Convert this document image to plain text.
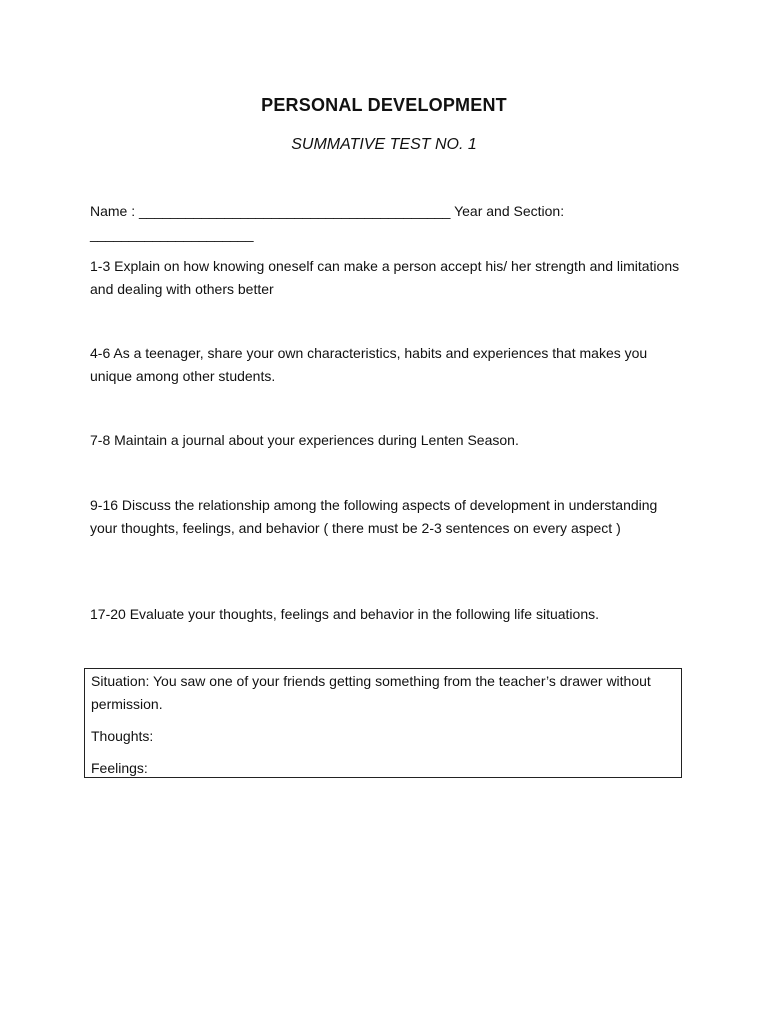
PERSONAL DEVELOPMENT
SUMMATIVE TEST NO. 1
Name : ________________________________________ Year and Section:
_____________________
1-3 Explain on how knowing oneself can make a person accept his/ her strength and limitations and dealing with others better
4-6 As a teenager, share your own characteristics, habits and experiences that makes you unique among other students.
7-8 Maintain a journal about your experiences during Lenten Season.
9-16 Discuss the relationship among the following aspects of development in understanding your thoughts, feelings, and behavior ( there must be 2-3 sentences on every aspect )
17-20 Evaluate your thoughts, feelings and behavior in the following life situations.
Situation: You saw one of your friends getting something from the teacher’s drawer without permission.
Thoughts:
Feelings:
